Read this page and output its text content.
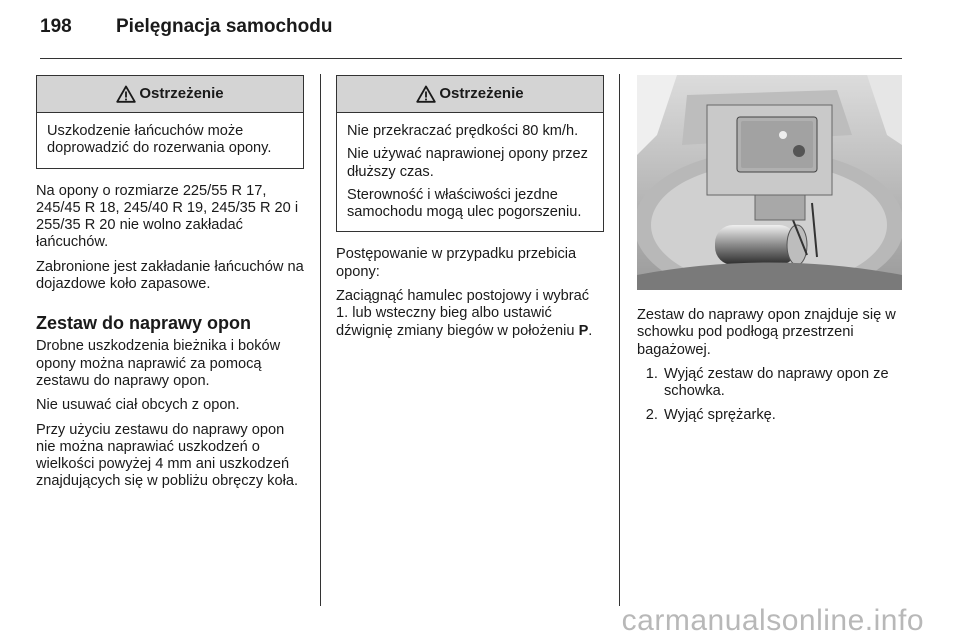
198 Pielęgnacja samochodu
Ostrzeżenie

Uszkodzenie łańcuchów może doprowadzić do rozerwania opony.

Na opony o rozmiarze 225/55 R 17, 245/45 R 18, 245/40 R 19, 245/35 R 20 i 255/35 R 20 nie wolno zakładać łańcuchów.

Zabronione jest zakładanie łańcuchów na dojazdowe koło zapasowe.

Zestaw do naprawy opon

Drobne uszkodzenia bieżnika i boków opony można naprawić za pomocą zestawu do naprawy opon.

Nie usuwać ciał obcych z opon.

Przy użyciu zestawu do naprawy opon nie można naprawiać uszkodzeń o wielkości powyżej 4 mm ani uszkodzeń znajdujących się w pobliżu obręczy koła.

Ostrzeżenie

Nie przekraczać prędkości 80 km/h.

Nie używać naprawionej opony przez dłuższy czas.

Sterowność i właściwości jezdne samochodu mogą ulec pogorszeniu.

Postępowanie w przypadku przebicia opony:

Zaciągnąć hamulec postojowy i wybrać 1. lub wsteczny bieg albo ustawić dźwignię zmiany biegów w położeniu P.

Zestaw do naprawy opon znajduje się w schowku pod podłogą przestrzeni bagażowej.

1. Wyjąć zestaw do naprawy opon ze schowka.
2. Wyjąć sprężarkę.
carmanualsonline.info
